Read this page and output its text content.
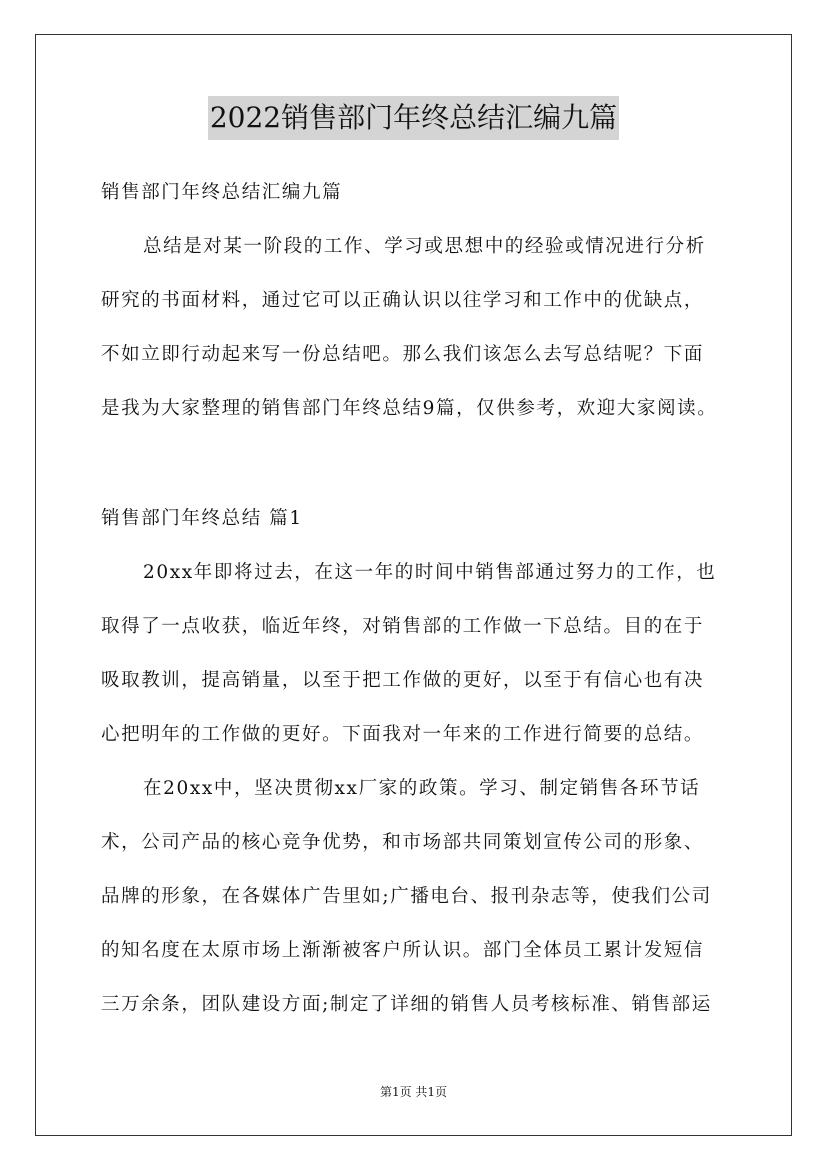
2022销售部门年终总结汇编九篇
销售部门年终总结汇编九篇
总结是对某一阶段的工作、学习或思想中的经验或情况进行分析
研究的书面材料，通过它可以正确认识以往学习和工作中的优缺点，
不如立即行动起来写一份总结吧。那么我们该怎么去写总结呢？下面
是我为大家整理的销售部门年终总结9篇，仅供参考，欢迎大家阅读。
销售部门年终总结 篇1
20xx年即将过去，在这一年的时间中销售部通过努力的工作，也
取得了一点收获，临近年终，对销售部的工作做一下总结。目的在于
吸取教训，提高销量，以至于把工作做的更好，以至于有信心也有决
心把明年的工作做的更好。下面我对一年来的工作进行简要的总结。
在20xx中，坚决贯彻xx厂家的政策。学习、制定销售各环节话
术，公司产品的核心竞争优势，和市场部共同策划宣传公司的形象、
品牌的形象，在各媒体广告里如;广播电台、报刊杂志等，使我们公司
的知名度在太原市场上渐渐被客户所认识。部门全体员工累计发短信
三万余条，团队建设方面;制定了详细的销售人员考核标准、销售部运
第1页 共1页
